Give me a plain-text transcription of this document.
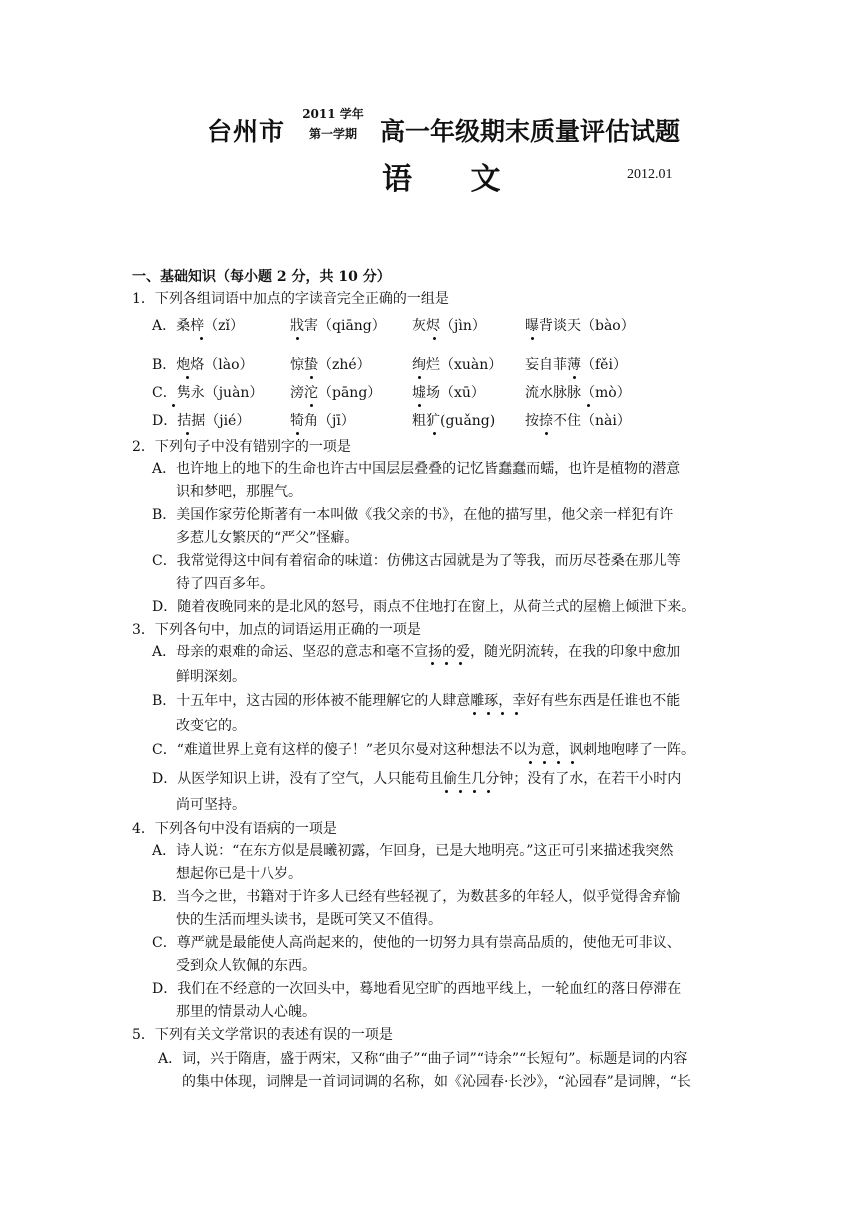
台州市
2011 学年
第一学期 高一年级期末质量评估试题
语 文	2012.01
一、基础知识（每小题 2 分，共 10 分）
1．下列各组词语中加点的字读音完全正确的一组是
A．桑梓（zǐ）	戕害（qiāng） 灰烬（jìn）	曝背谈天（bào）
B．炮烙（lào）	惊蛰（zhé）	绚烂（xuàn） 妄自菲薄（fěi）
C．隽永（juàn） 滂沱（pāng） 墟场（xū）	流水脉脉（mò）
D．拮据（jié）	犄角（jī）	粗犷(guǎng) 按捺不住（nài）
2．下列句子中没有错别字的一项是
A．也许地上的地下的生命也许古中国层层叠叠的记忆皆蠢蠢而蠕，也许是植物的潜意
识和梦吧，那腥气。
B．美国作家劳伦斯著有一本叫做《我父亲的书》，在他的描写里，他父亲一样犯有许
多惹儿女繁厌的“严父”怪癖。
C．我常觉得这中间有着宿命的味道：仿佛这古园就是为了等我，而历尽苍桑在那儿等
待了四百多年。
D．随着夜晚同来的是北风的怒号，雨点不住地打在窗上，从荷兰式的屋檐上倾泄下来。
3．下列各句中，加点的词语运用正确的一项是
A．母亲的艰难的命运、坚忍的意志和毫不宣扬的爱，随光阴流转，在我的印象中愈加
鲜明深刻。
B．十五年中，这古园的形体被不能理解它的人肆意雕琢，幸好有些东西是任谁也不能
改变它的。
C．“难道世界上竟有这样的傻子！”老贝尔曼对这种想法不以为意，讽刺地咆哮了一阵。
D．从医学知识上讲，没有了空气，人只能苟且偷生几分钟；没有了水，在若干小时内
尚可坚持。
4．下列各句中没有语病的一项是
A．诗人说：“在东方似是晨曦初露，乍回身，已是大地明亮。”这正可引来描述我突然
想起你已是十八岁。
B．当今之世，书籍对于许多人已经有些轻视了，为数甚多的年轻人，似乎觉得舍弃愉
快的生活而埋头读书，是既可笑又不值得。
C．尊严就是最能使人高尚起来的，使他的一切努力具有崇高品质的，使他无可非议、
受到众人钦佩的东西。
D．我们在不经意的一次回头中，蓦地看见空旷的西地平线上，一轮血红的落日停滞在
那里的情景动人心魄。
5．下列有关文学常识的表述有误的一项是
A．词，兴于隋唐，盛于两宋，又称“曲子”“曲子词”“诗余”“长短句”。标题是词的内容
的集中体现，词牌是一首词词调的名称，如《沁园春·长沙》，“沁园春”是词牌，“长
